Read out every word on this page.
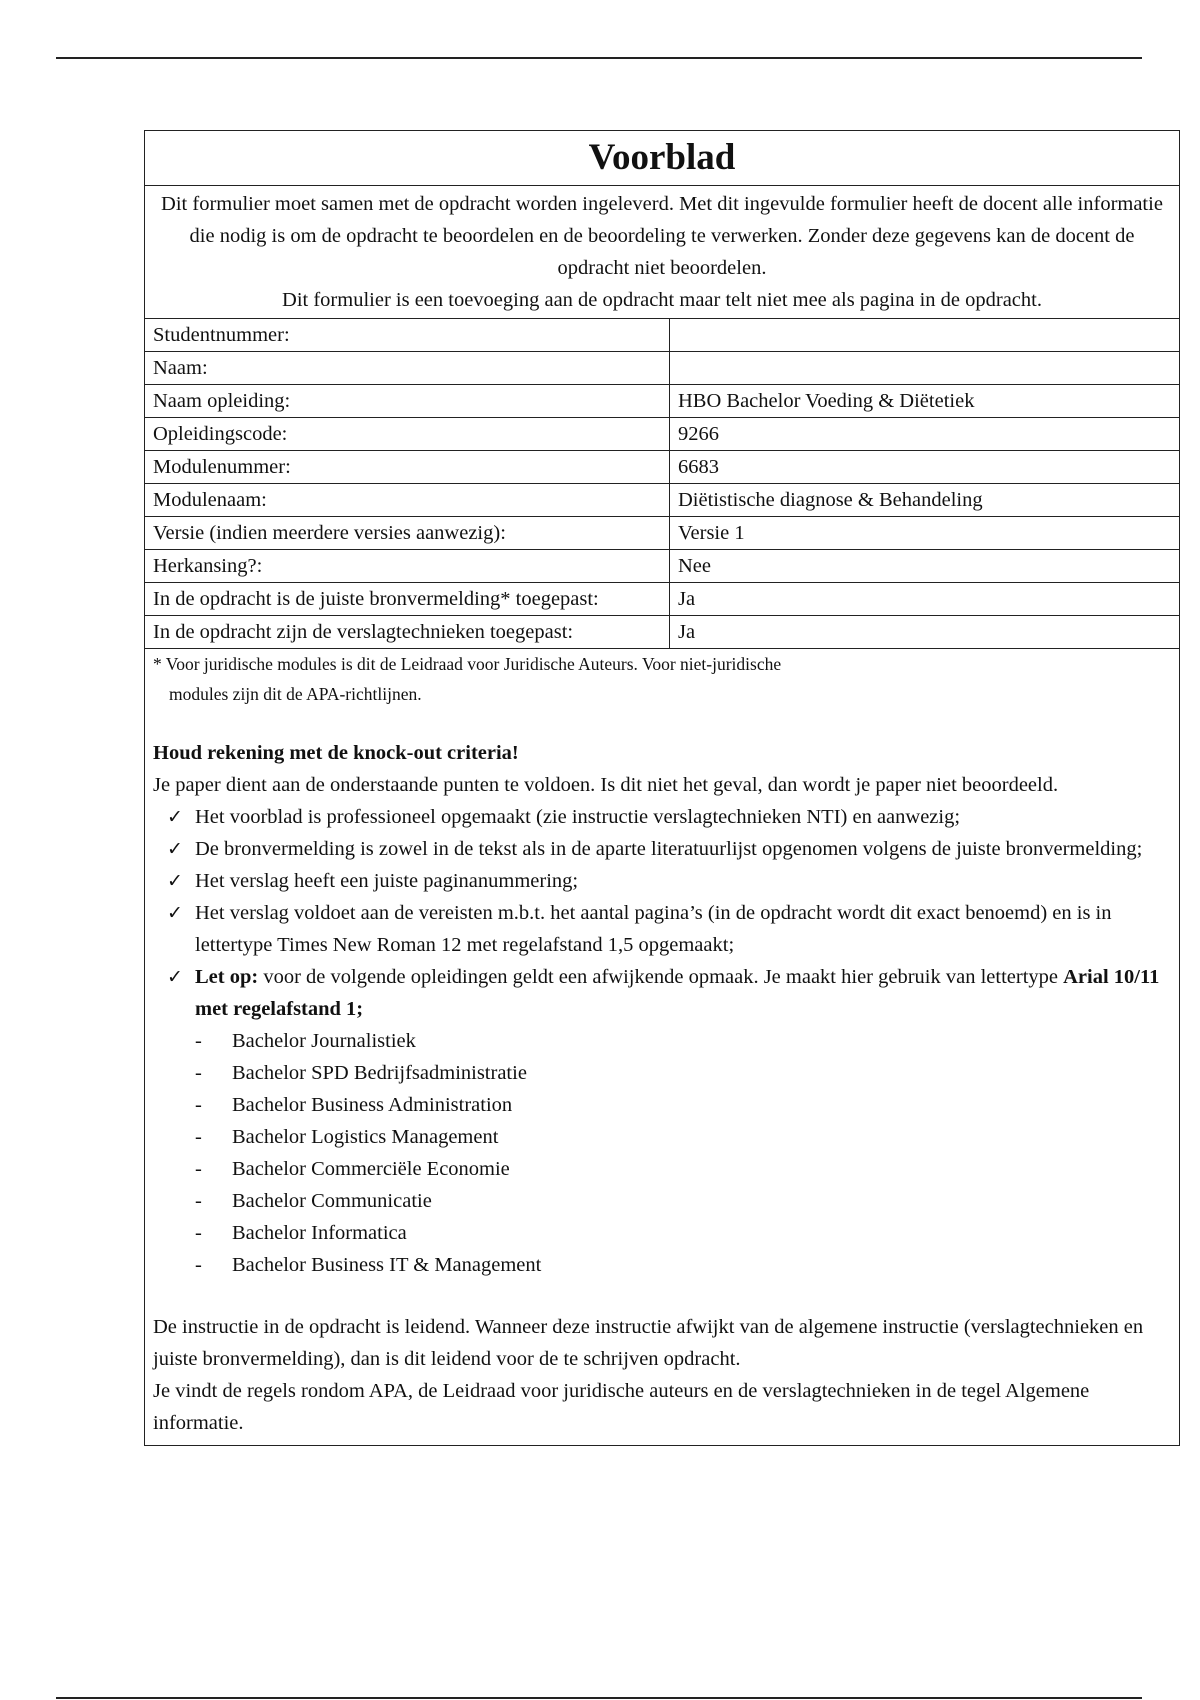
Voorblad

Dit formulier moet samen met de opdracht worden ingeleverd. Met dit ingevulde formulier heeft de docent alle informatie die nodig is om de opdracht te beoordelen en de beoordeling te verwerken. Zonder deze gegevens kan de docent de opdracht niet beoordelen.

Dit formulier is een toevoeging aan de opdracht maar telt niet mee als pagina in de opdracht.

Studentnummer:	
Naam:	
Naam opleiding:	HBO Bachelor Voeding & Diëtetiek
Opleidingscode:	9266
Modulenummer:	6683
Modulenaam:	Diëtistische diagnose & Behandeling
Versie (indien meerdere versies aanwezig):	Versie 1
Herkansing?:	Nee
In de opdracht is de juiste bronvermelding* toegepast:	Ja
In de opdracht zijn de verslagtechnieken toegepast:	Ja

* Voor juridische modules is dit de Leidraad voor Juridische Auteurs. Voor niet-juridische

modules zijn dit de APA-richtlijnen.

Houd rekening met de knock-out criteria!

Je paper dient aan de onderstaande punten te voldoen. Is dit niet het geval, dan wordt je paper niet beoordeeld.

✓ Het voorblad is professioneel opgemaakt (zie instructie verslagtechnieken NTI) en aanwezig;
✓ De bronvermelding is zowel in de tekst als in de aparte literatuurlijst opgenomen volgens de juiste bronvermelding;
✓ Het verslag heeft een juiste paginanummering;
✓ Het verslag voldoet aan de vereisten m.b.t. het aantal pagina’s (in de opdracht wordt dit exact benoemd) en is in lettertype Times New Roman 12 met regelafstand 1,5 opgemaakt;
✓ Let op: voor de volgende opleidingen geldt een afwijkende opmaak. Je maakt hier gebruik van lettertype Arial 10/11 met regelafstand 1;
- Bachelor Journalistiek
- Bachelor SPD Bedrijfsadministratie
- Bachelor Business Administration
- Bachelor Logistics Management
- Bachelor Commerciële Economie
- Bachelor Communicatie
- Bachelor Informatica
- Bachelor Business IT & Management

De instructie in de opdracht is leidend. Wanneer deze instructie afwijkt van de algemene instructie (verslagtechnieken en juiste bronvermelding), dan is dit leidend voor de te schrijven opdracht.

Je vindt de regels rondom APA, de Leidraad voor juridische auteurs en de verslagtechnieken in de tegel Algemene informatie.
